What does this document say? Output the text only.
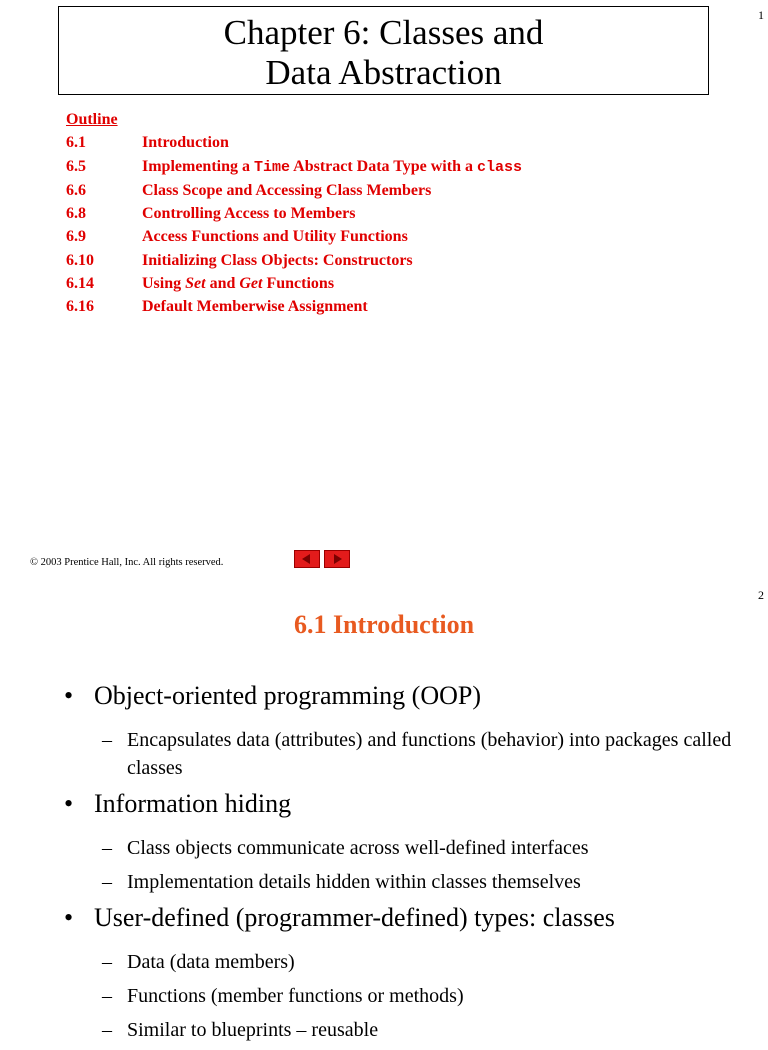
1
Chapter 6: Classes and
Data Abstraction
Outline
6.1	Introduction
6.5	Implementing a Time Abstract Data Type with a class
6.6	Class Scope and Accessing Class Members
6.8	Controlling Access to Members
6.9	Access Functions and Utility Functions
6.10	Initializing Class Objects: Constructors
6.14	Using Set and Get Functions
6.16	Default Memberwise Assignment
© 2003 Prentice Hall, Inc. All rights reserved.
2
6.1 Introduction
• Object-oriented programming (OOP)
– Encapsulates data (attributes) and functions (behavior) into packages called classes
• Information hiding
– Class objects communicate across well-defined interfaces
– Implementation details hidden within classes themselves
• User-defined (programmer-defined) types: classes
– Data (data members)
– Functions (member functions or methods)
– Similar to blueprints – reusable
